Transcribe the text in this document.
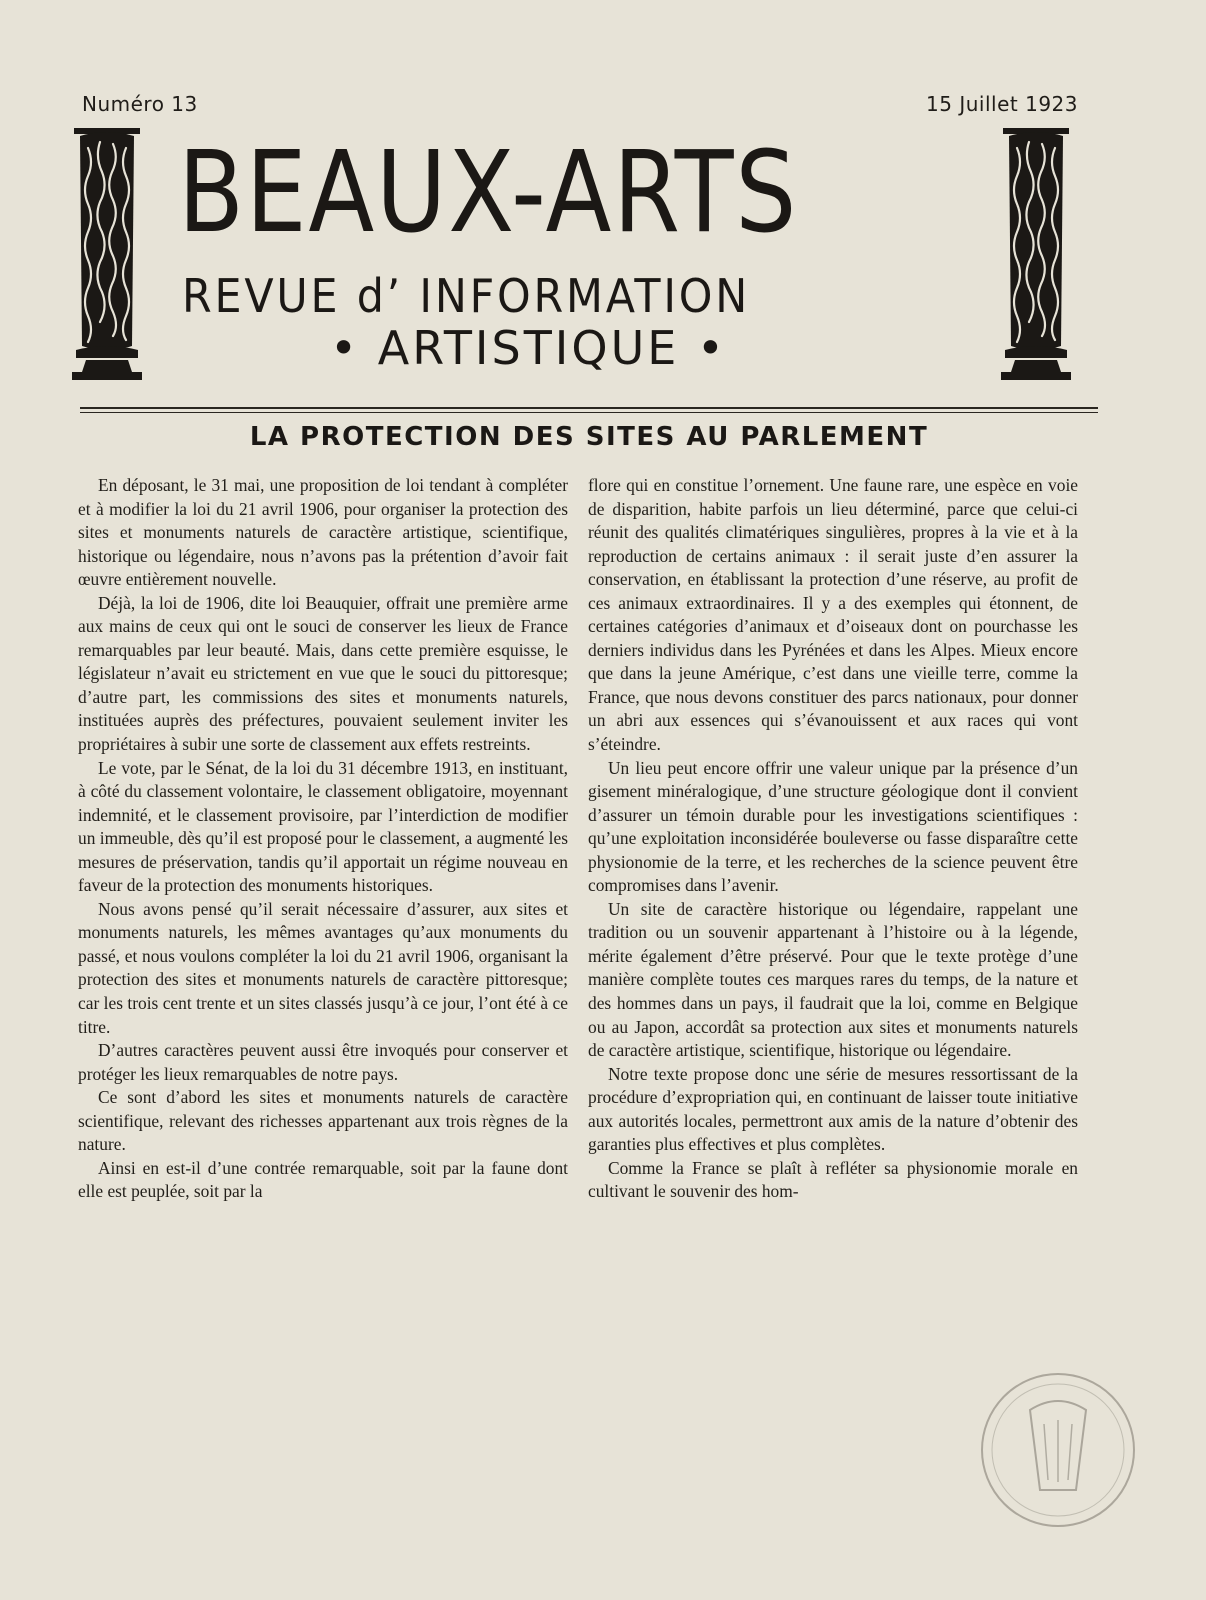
Numéro 13	15 Juillet 1923
BEAUX-ARTS
REVUE d’ INFORMATION
• ARTISTIQUE •
LA PROTECTION DES SITES AU PARLEMENT

En déposant, le 31 mai, une proposition de loi tendant à compléter et à modifier la loi du 21 avril 1906, pour organiser la protection des sites et monuments naturels de caractère artistique, scientifique, historique ou légendaire, nous n’avons pas la prétention d’avoir fait œuvre entièrement nouvelle.

Déjà, la loi de 1906, dite loi Beauquier, offrait une première arme aux mains de ceux qui ont le souci de conserver les lieux de France remarquables par leur beauté. Mais, dans cette première esquisse, le législateur n’avait eu strictement en vue que le souci du pittoresque; d’autre part, les commissions des sites et monuments naturels, instituées auprès des préfectures, pouvaient seulement inviter les propriétaires à subir une sorte de classement aux effets restreints.

Le vote, par le Sénat, de la loi du 31 décembre 1913, en instituant, à côté du classement volontaire, le classement obligatoire, moyennant indemnité, et le classement provisoire, par l’interdiction de modifier un immeuble, dès qu’il est proposé pour le classement, a augmenté les mesures de préservation, tandis qu’il apportait un régime nouveau en faveur de la protection des monuments historiques.

Nous avons pensé qu’il serait nécessaire d’assurer, aux sites et monuments naturels, les mêmes avantages qu’aux monuments du passé, et nous voulons compléter la loi du 21 avril 1906, organisant la protection des sites et monuments naturels de caractère pittoresque; car les trois cent trente et un sites classés jusqu’à ce jour, l’ont été à ce titre.

D’autres caractères peuvent aussi être invoqués pour conserver et protéger les lieux remarquables de notre pays.

Ce sont d’abord les sites et monuments naturels de caractère scientifique, relevant des richesses appartenant aux trois règnes de la nature.

Ainsi en est-il d’une contrée remarquable, soit par la faune dont elle est peuplée, soit par la

flore qui en constitue l’ornement. Une faune rare, une espèce en voie de disparition, habite parfois un lieu déterminé, parce que celui-ci réunit des qualités climatériques singulières, propres à la vie et à la reproduction de certains animaux : il serait juste d’en assurer la conservation, en établissant la protection d’une réserve, au profit de ces animaux extraordinaires. Il y a des exemples qui étonnent, de certaines catégories d’animaux et d’oiseaux dont on pourchasse les derniers individus dans les Pyrénées et dans les Alpes. Mieux encore que dans la jeune Amérique, c’est dans une vieille terre, comme la France, que nous devons constituer des parcs nationaux, pour donner un abri aux essences qui s’évanouissent et aux races qui vont s’éteindre.

Un lieu peut encore offrir une valeur unique par la présence d’un gisement minéralogique, d’une structure géologique dont il convient d’assurer un témoin durable pour les investigations scientifiques : qu’une exploitation inconsidérée bouleverse ou fasse disparaître cette physionomie de la terre, et les recherches de la science peuvent être compromises dans l’avenir.

Un site de caractère historique ou légendaire, rappelant une tradition ou un souvenir appartenant à l’histoire ou à la légende, mérite également d’être préservé. Pour que le texte protège d’une manière complète toutes ces marques rares du temps, de la nature et des hommes dans un pays, il faudrait que la loi, comme en Belgique ou au Japon, accordât sa protection aux sites et monuments naturels de caractère artistique, scientifique, historique ou légendaire.

Notre texte propose donc une série de mesures ressortissant de la procédure d’expropriation qui, en continuant de laisser toute initiative aux autorités locales, permettront aux amis de la nature d’obtenir des garanties plus effectives et plus complètes.

Comme la France se plaît à refléter sa physionomie morale en cultivant le souvenir des hom-
